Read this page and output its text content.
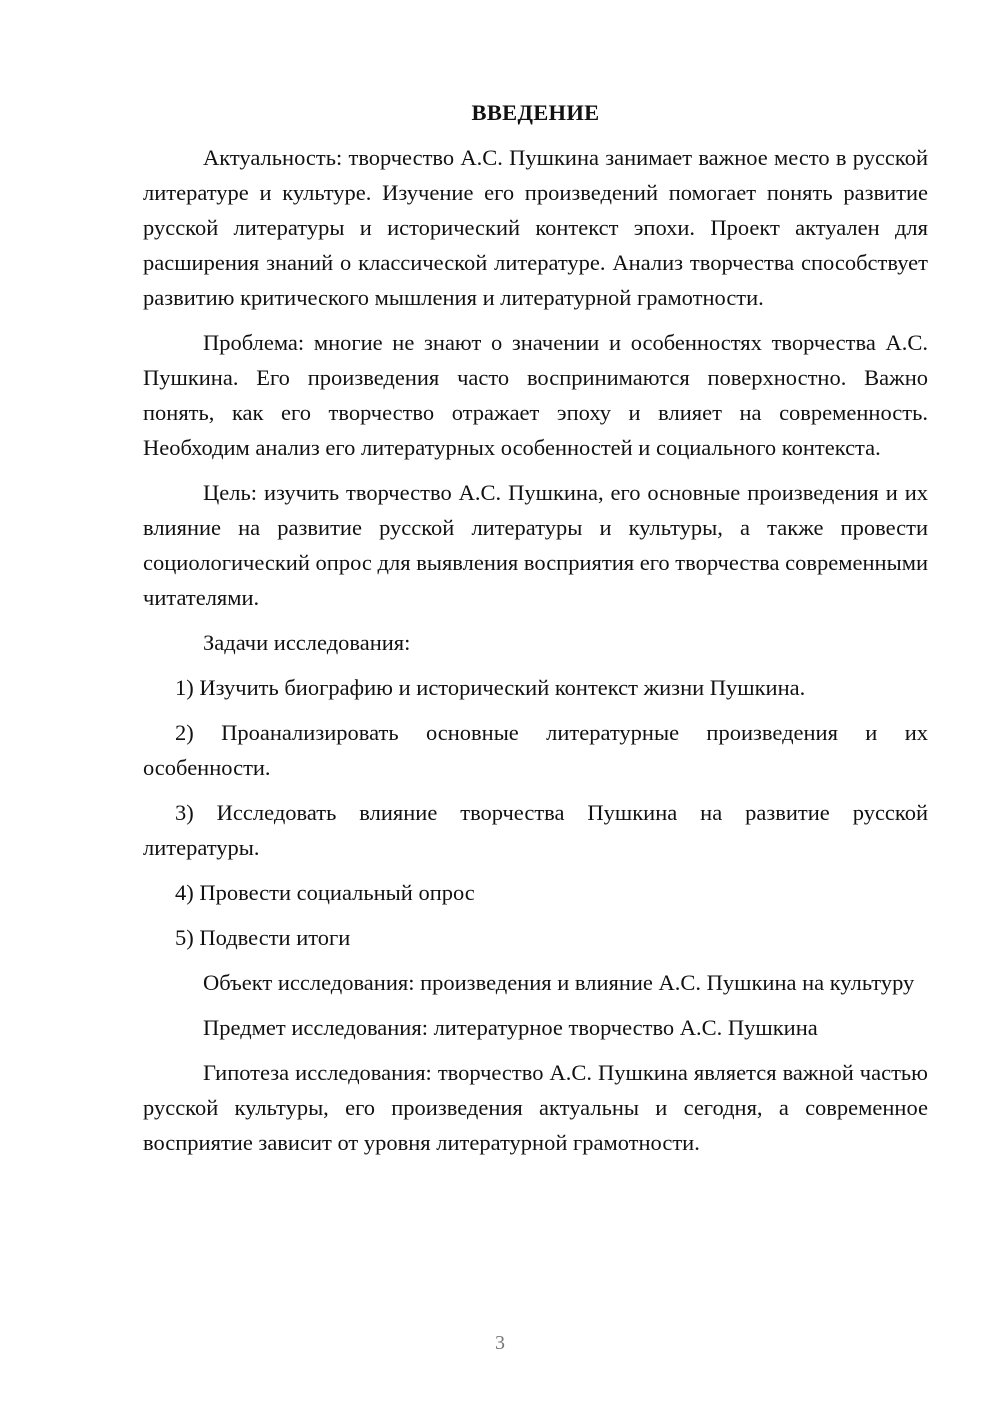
ВВЕДЕНИЕ

Актуальность: творчество А.С. Пушкина занимает важное место в русской литературе и культуре. Изучение его произведений помогает понять развитие русской литературы и исторический контекст эпохи. Проект актуален для расширения знаний о классической литературе. Анализ творчества способствует развитию критического мышления и литературной грамотности.

Проблема: многие не знают о значении и особенностях творчества А.С. Пушкина. Его произведения часто воспринимаются поверхностно. Важно понять, как его творчество отражает эпоху и влияет на современность. Необходим анализ его литературных особенностей и социального контекста.

Цель: изучить творчество А.С. Пушкина, его основные произведения и их влияние на развитие русской литературы и культуры, а также провести социологический опрос для выявления восприятия его творчества современными читателями.

Задачи исследования:

1) Изучить биографию и исторический контекст жизни Пушкина.

2) Проанализировать основные литературные произведения и их особенности.

3) Исследовать влияние творчества Пушкина на развитие русской литературы.

4) Провести социальный опрос

5) Подвести итоги

Объект исследования: произведения и влияние А.С. Пушкина на культуру

Предмет исследования: литературное творчество А.С. Пушкина

Гипотеза исследования: творчество А.С. Пушкина является важной частью русской культуры, его произведения актуальны и сегодня, а современное восприятие зависит от уровня литературной грамотности.

3
